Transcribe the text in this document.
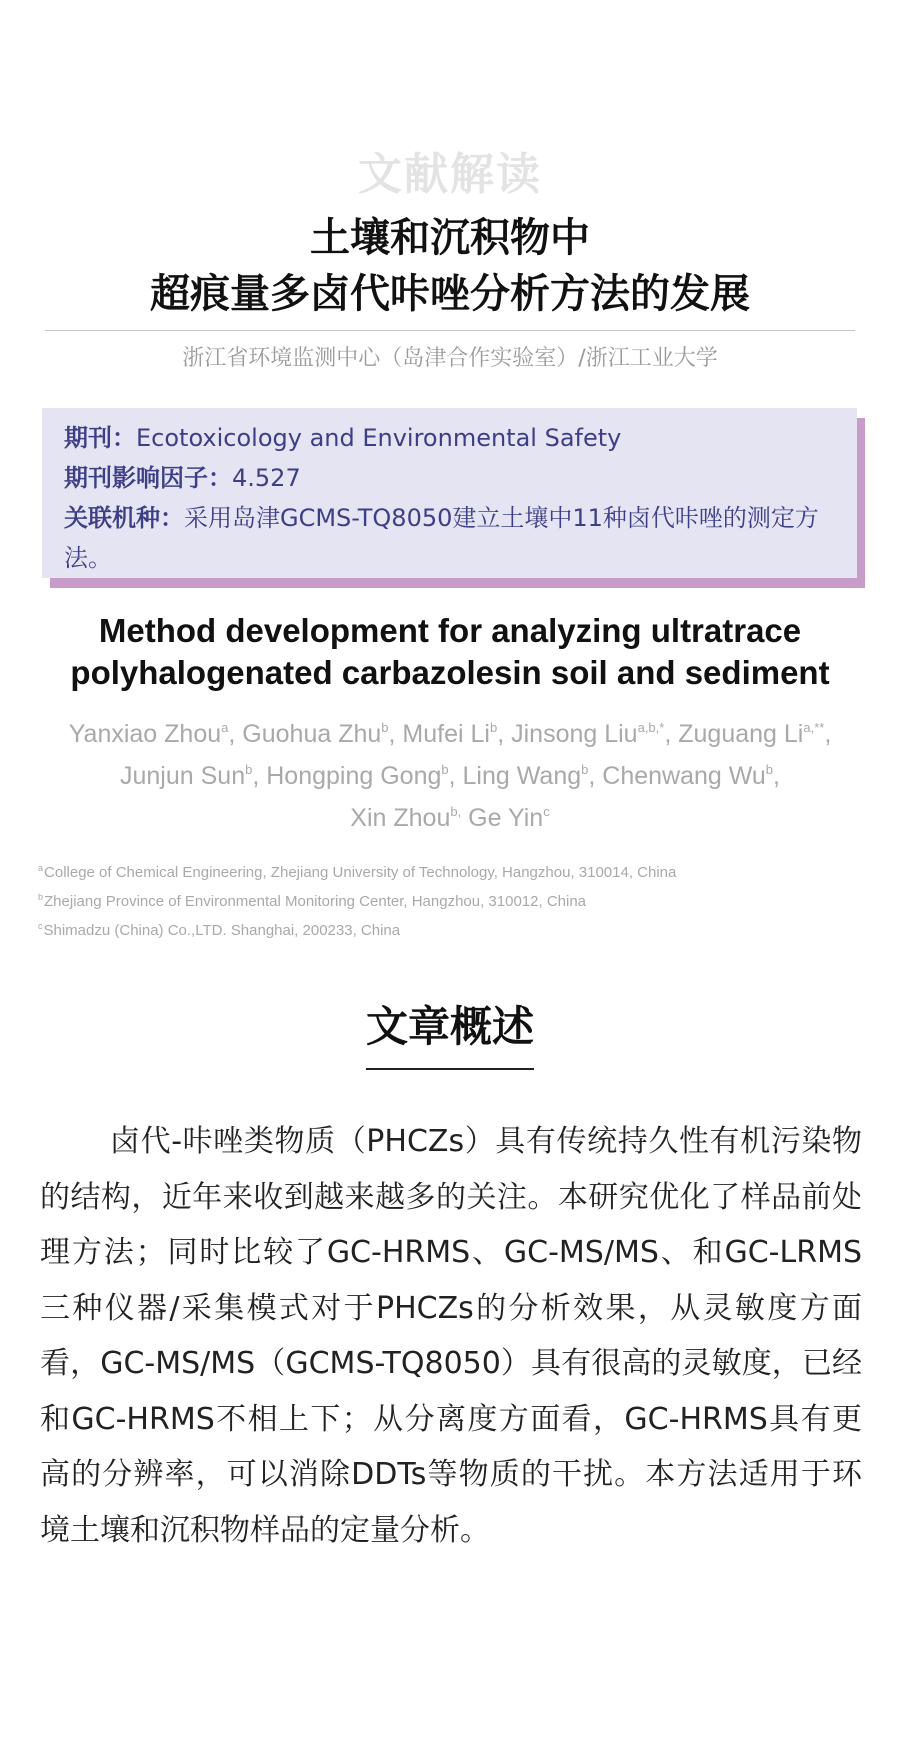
文献解读
土壤和沉积物中
超痕量多卤代咔唑分析方法的发展
浙江省环境监测中心（岛津合作实验室）/浙江工业大学
期刊：Ecotoxicology and Environmental Safety
期刊影响因子：4.527
关联机种：采用岛津GCMS-TQ8050建立土壤中11种卤代咔唑的测定方法。
Method development for analyzing ultratrace
polyhalogenated carbazolesin soil and sediment
Yanxiao Zhou$^a$, Guohua Zhu$^b$, Mufei Li$^b$, Jinsong Liu$^{a,b,*}$, Zuguang $Li^{a,**}$,
Junjun Sun$^b$, Hongping Gong$^b$, Ling Wang$^b$, Chenwang Wu$^b$,
Xin Zhou$^{b,}$ Ge Yin$^c$
$^a$College of Chemical Engineering, Zhejiang University of Technology, Hangzhou, 310014, China
$^b$Zhejiang Province of Environmental Monitoring Center, Hangzhou, 310012, China
$^c$Shimadzu (China) Co.,LTD. Shanghai, 200233, China
文章概述
卤代-咔唑类物质（PHCZs）具有传统持久性有机污染物的结构，近年来收到越来越多的关注。本研究优化了样品前处理方法；同时比较了GC-HRMS、GC-MS/MS、和GC-LRMS三种仪器/采集模式对于PHCZs的分析效果，从灵敏度方面看，GC-MS/MS（GCMS-TQ8050）具有很高的灵敏度，已经和GC-HRMS不相上下；从分离度方面看，GC-HRMS具有更高的分辨率，可以消除DDTs等物质的干扰。本方法适用于环境土壤和沉积物样品的定量分析。
